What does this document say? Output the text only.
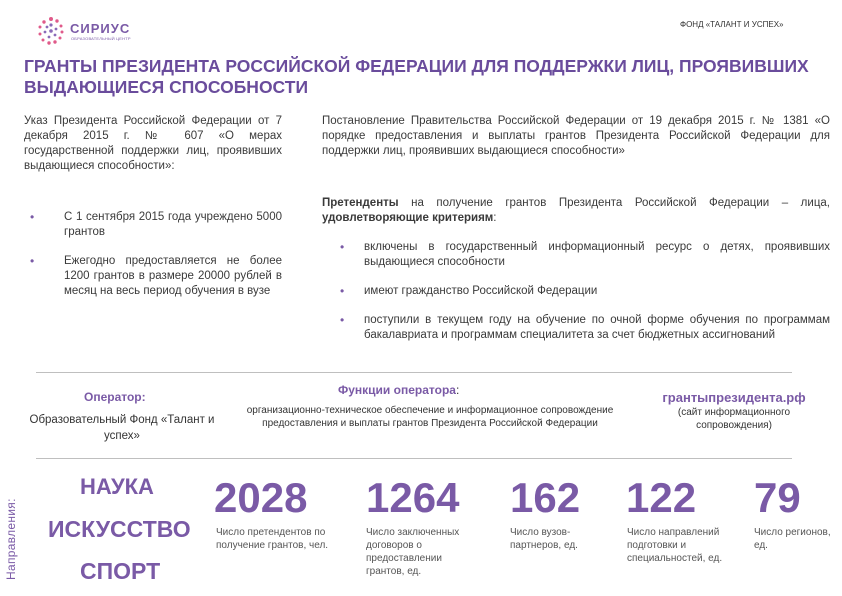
СИРИУС
ОБРАЗОВАТЕЛЬНЫЙ ЦЕНТР
ФОНД «ТАЛАНТ И УСПЕХ»
ГРАНТЫ ПРЕЗИДЕНТА РОССИЙСКОЙ ФЕДЕРАЦИИ ДЛЯ ПОДДЕРЖКИ ЛИЦ, ПРОЯВИВШИХ ВЫДАЮЩИЕСЯ СПОСОБНОСТИ
Указ Президента Российской Федерации от 7 декабря 2015 г. № 607 «О мерах государственной поддержки лиц, проявивших выдающиеся способности»:
•	С 1 сентября 2015 года учреждено 5000 грантов
•	Ежегодно предоставляется не более 1200 грантов в размере 20000 рублей в месяц на весь период обучения в вузе
Постановление Правительства Российской Федерации от 19 декабря 2015 г. № 1381 «О порядке предоставления и выплаты грантов Президента Российской Федерации для поддержки лиц, проявивших выдающиеся способности»
Претенденты на получение грантов Президента Российской Федерации – лица, удовлетворяющие критериям:
• включены в государственный информационный ресурс о детях, проявивших выдающиеся способности
• имеют гражданство Российской Федерации
• поступили в текущем году на обучение по очной форме обучения по программам бакалавриата и программам специалитета за счет бюджетных ассигнований
Оператор:
Образовательный Фонд «Талант и успех»
Функции оператора:
организационно-техническое обеспечение и информационное сопровождение предоставления и выплаты грантов Президента Российской Федерации
грантыпрезидента.рф
(сайт информационного сопровождения)
Направления:
НАУКА
ИСКУССТВО
СПОРТ
2028
Число претендентов по получение грантов, чел.
1264
Число заключенных договоров о предоставлении грантов, ед.
162
Число вузов-партнеров, ед.
122
Число направлений подготовки и специальностей, ед.
79
Число регионов, ед.
